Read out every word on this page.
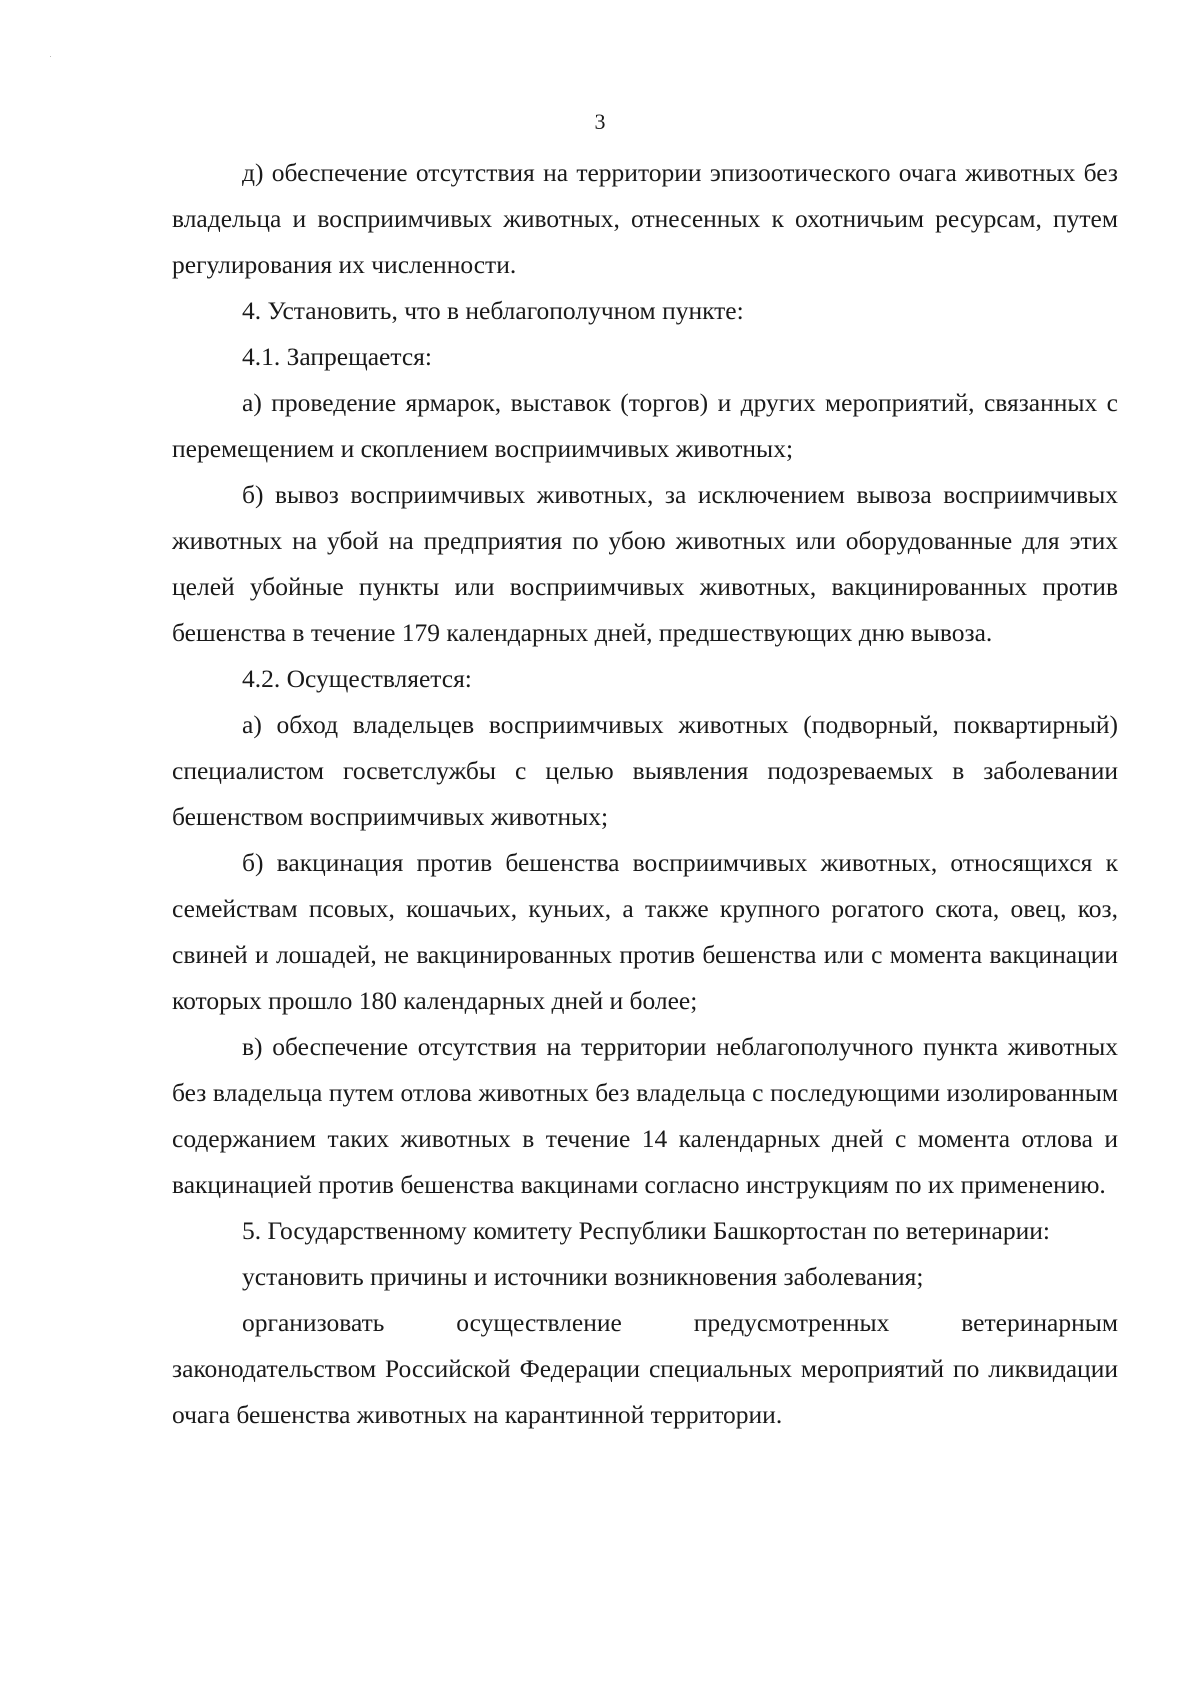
3

д) обеспечение отсутствия на территории эпизоотического очага животных без владельца и восприимчивых животных, отнесенных к охотничьим ресурсам, путем регулирования их численности.

4. Установить, что в неблагополучном пункте:

4.1. Запрещается:

а) проведение ярмарок, выставок (торгов) и других мероприятий, связанных с перемещением и скоплением восприимчивых животных;

б) вывоз восприимчивых животных, за исключением вывоза восприимчивых животных на убой на предприятия по убою животных или оборудованные для этих целей убойные пункты или восприимчивых животных, вакцинированных против бешенства в течение 179 календарных дней, предшествующих дню вывоза.

4.2. Осуществляется:

а) обход владельцев восприимчивых животных (подворный, поквартирный) специалистом госветслужбы с целью выявления подозреваемых в заболевании бешенством восприимчивых животных;

б) вакцинация против бешенства восприимчивых животных, относящихся к семействам псовых, кошачьих, куньих, а также крупного рогатого скота, овец, коз, свиней и лошадей, не вакцинированных против бешенства или с момента вакцинации которых прошло 180 календарных дней и более;

в) обеспечение отсутствия на территории неблагополучного пункта животных без владельца путем отлова животных без владельца с последующими изолированным содержанием таких животных в течение 14 календарных дней с момента отлова и вакцинацией против бешенства вакцинами согласно инструкциям по их применению.

5. Государственному комитету Республики Башкортостан по ветеринарии:

установить причины и источники возникновения заболевания;

организовать осуществление предусмотренных ветеринарным законодательством Российской Федерации специальных мероприятий по ликвидации очага бешенства животных на карантинной территории.
